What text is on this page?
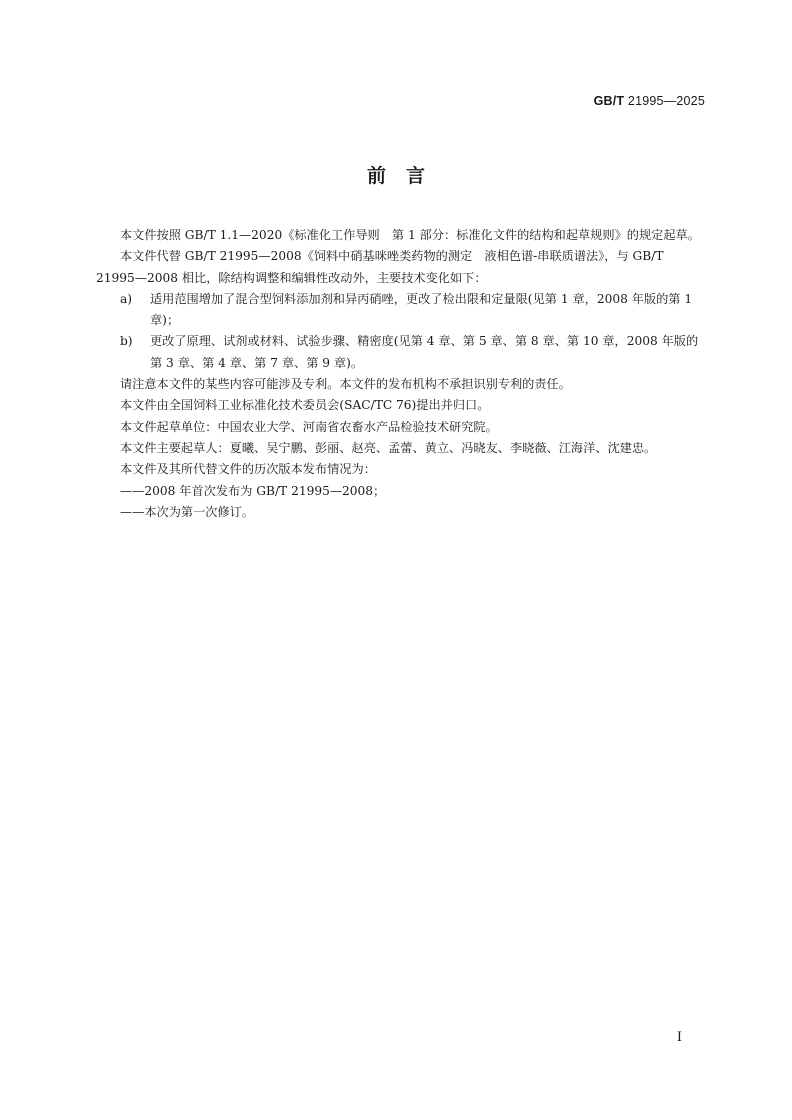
GB/T 21995—2025
前言

本文件按照 GB/T 1.1—2020《标准化工作导则　第 1 部分：标准化文件的结构和起草规则》的规定起草。

本文件代替 GB/T 21995—2008《饲料中硝基咪唑类药物的测定　液相色谱-串联质谱法》，与 GB/T 21995—2008 相比，除结构调整和编辑性改动外，主要技术变化如下：

a)	适用范围增加了混合型饲料添加剂和异丙硝唑，更改了检出限和定量限(见第 1 章，2008 年版的第 1 章)；
b)	更改了原理、试剂或材料、试验步骤、精密度(见第 4 章、第 5 章、第 8 章、第 10 章，2008 年版的第 3 章、第 4 章、第 7 章、第 9 章)。

请注意本文件的某些内容可能涉及专利。本文件的发布机构不承担识别专利的责任。

本文件由全国饲料工业标准化技术委员会(SAC/TC 76)提出并归口。

本文件起草单位：中国农业大学、河南省农畜水产品检验技术研究院。

本文件主要起草人：夏曦、吴宁鹏、彭丽、赵亮、孟蕾、黄立、冯晓友、李晓薇、江海洋、沈建忠。

本文件及其所代替文件的历次版本发布情况为：

——2008 年首次发布为 GB/T 21995—2008；

——本次为第一次修订。

I
